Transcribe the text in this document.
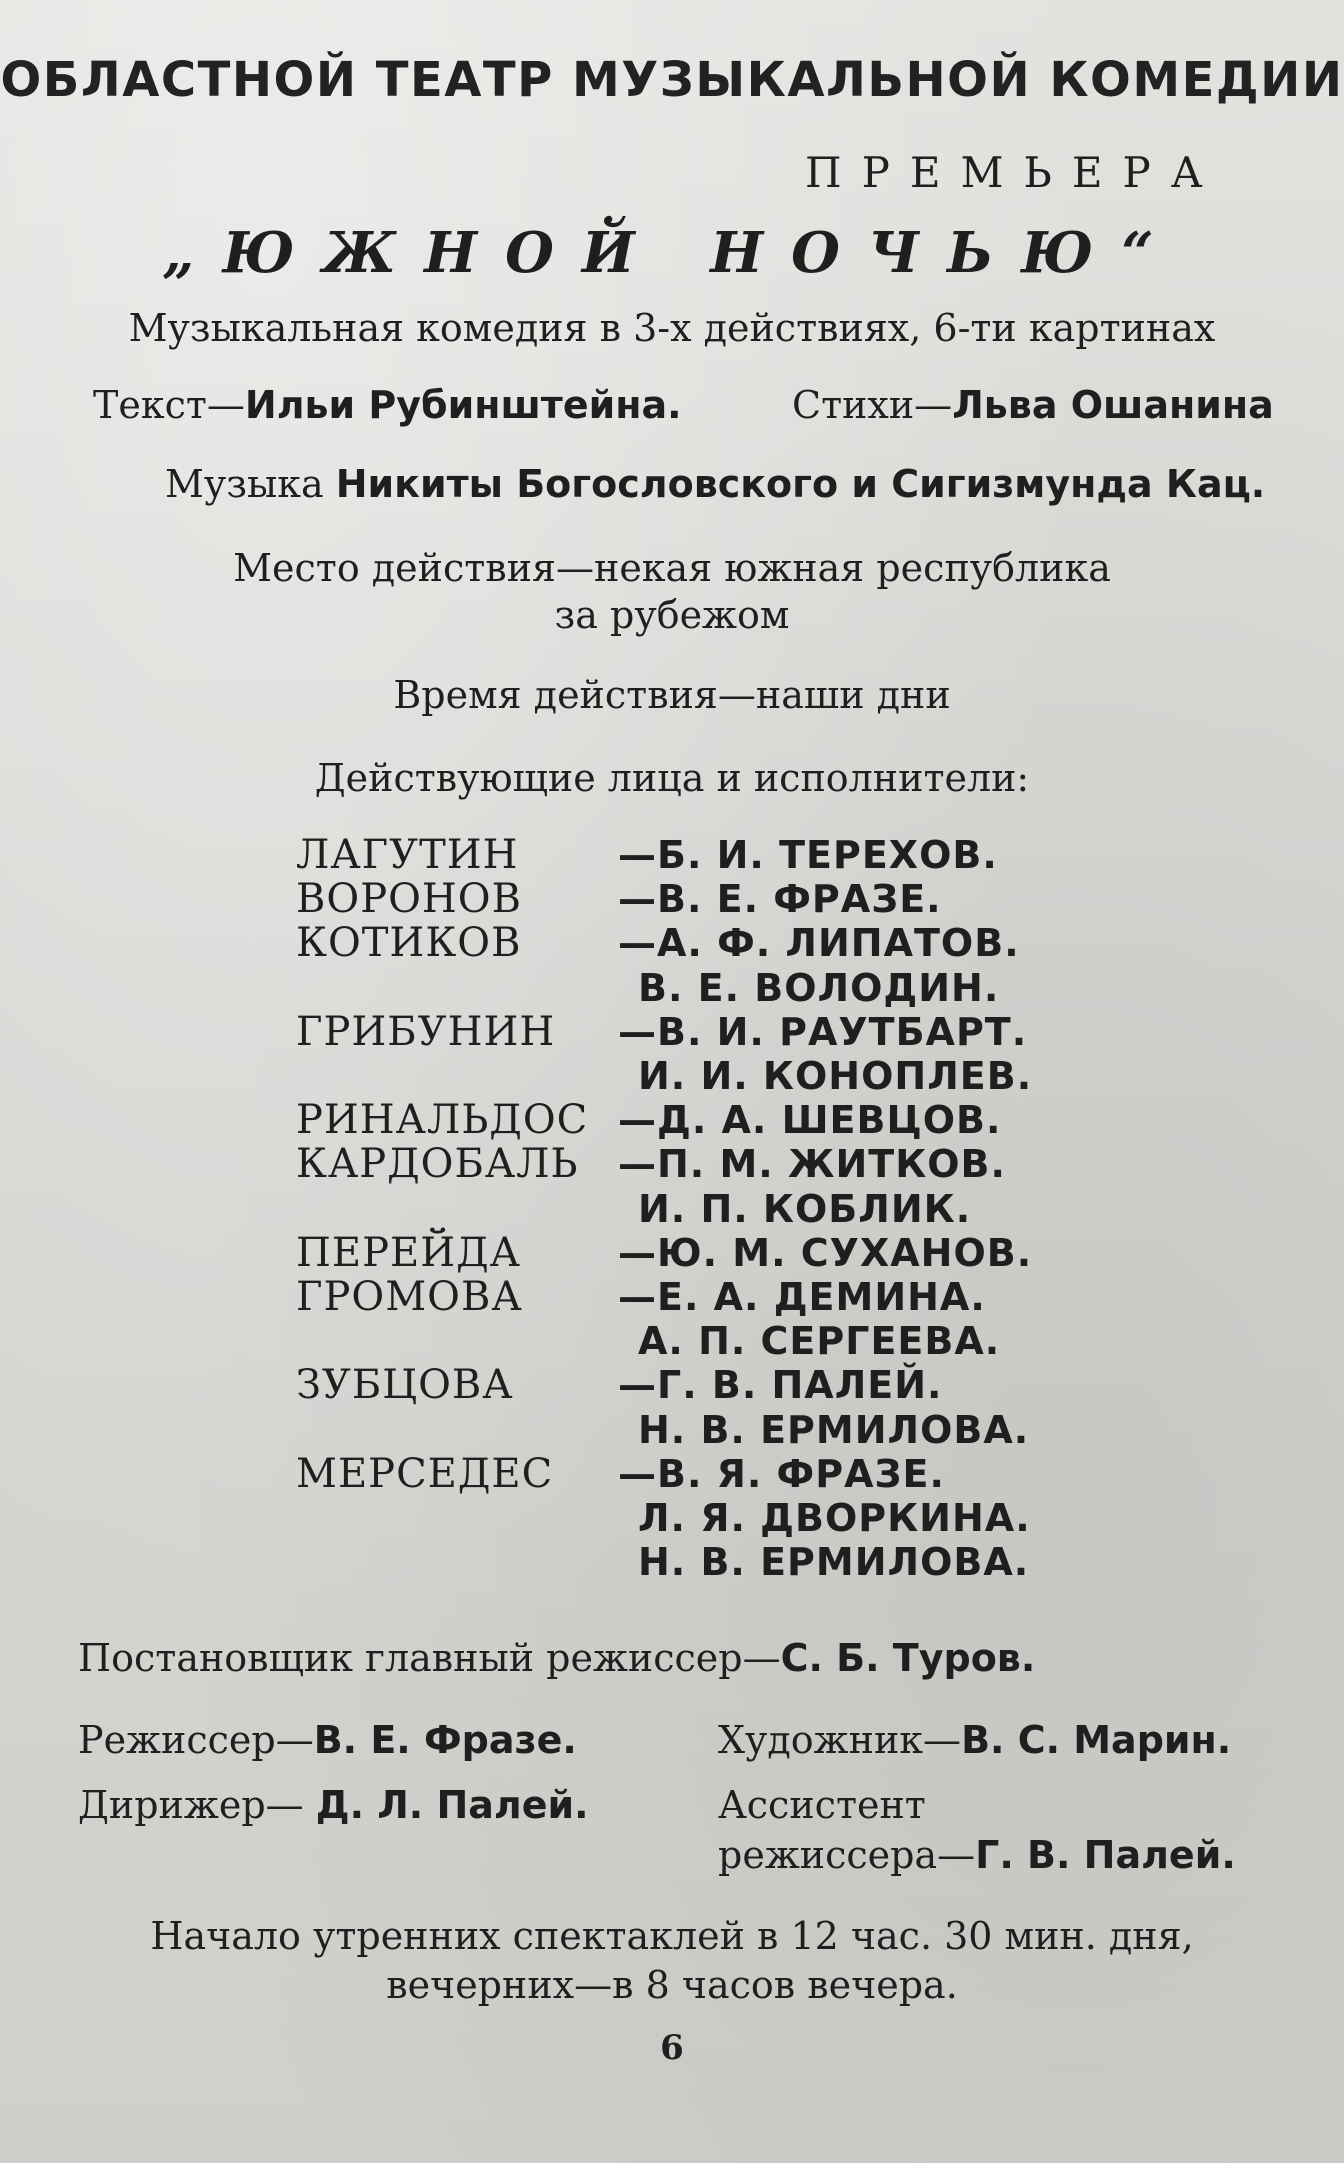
ОБЛАСТНОЙ ТЕАТР МУЗЫКАЛЬНОЙ КОМЕДИИ
ПРЕМЬЕРА
„ЮЖНОЙ НОЧЬЮ“
Музыкальная комедия в 3-х действиях, 6-ти картинах
Текст—Ильи Рубинштейна.	Стихи—Льва Ошанина
Музыка Никиты Богословского и Сигизмунда Кац.
Место действия—некая южная республика
за рубежом
Время действия—наши дни
Действующие лица и исполнители:
ЛАГУТИН	—Б. И. ТЕРЕХОВ.
ВОРОНОВ	—В. Е. ФРАЗЕ.
КОТИКОВ	—А. Ф. ЛИПАТОВ.
В. Е. ВОЛОДИН.
ГРИБУНИН	—В. И. РАУТБАРТ.
И. И. КОНОПЛЕВ.
РИНАЛЬДОС —Д. А. ШЕВЦОВ.
КАРДОБАЛЬ	—П. М. ЖИТКОВ.
И. П. КОБЛИК.
ПЕРЕЙДА	—Ю. М. СУХАНОВ.
ГРОМОВА	—Е. А. ДЕМИНА.
А. П. СЕРГЕЕВА.
ЗУБЦОВА	—Г. В. ПАЛЕЙ.
Н. В. ЕРМИЛОВА.
МЕРСЕДЕС	—В. Я. ФРАЗЕ.
Л. Я. ДВОРКИНА.
Н. В. ЕРМИЛОВА.
Постановщик главный режиссер—С. Б. Туров.
Режиссер—В. Е. Фразе.	Художник—В. С. Марин.
Дирижер— Д. Л. Палей.	Ассистент
режиссера—Г. В. Палей.
Начало утренних спектаклей в 12 час. 30 мин. дня,
вечерних—в 8 часов вечера.
6
